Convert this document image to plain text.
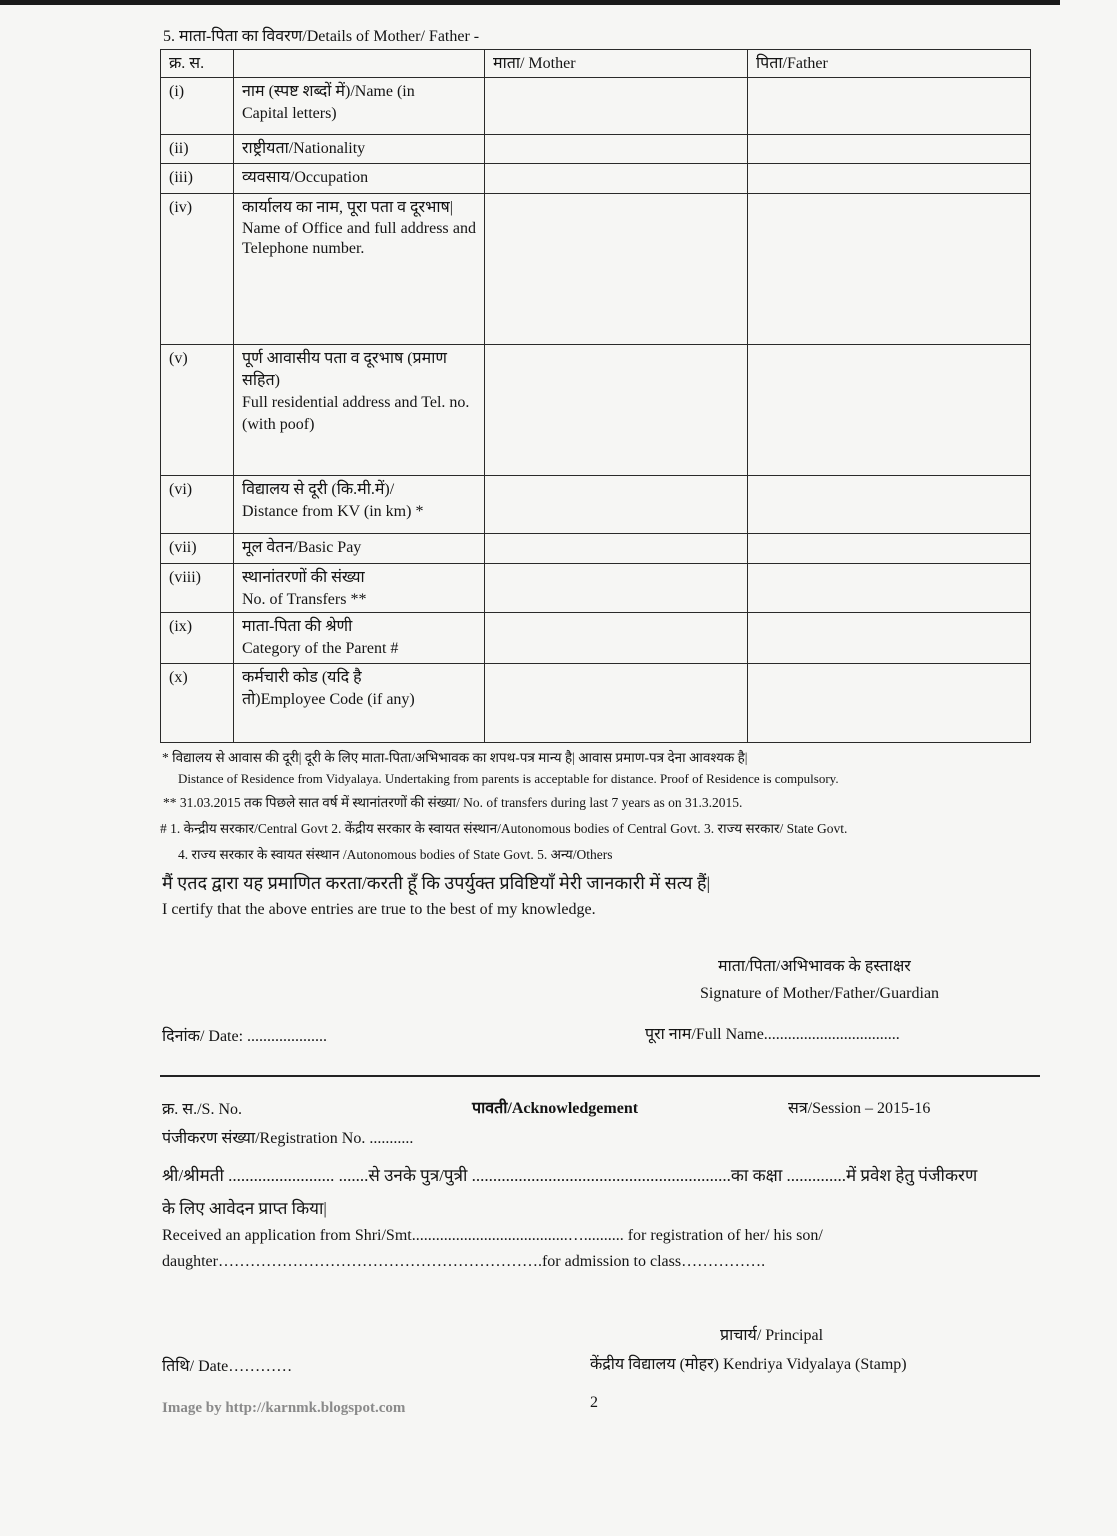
5. माता-पिता का विवरण/Details of Mother/ Father -
क्र. स.		माता/ Mother	पिता/Father
(i)	नाम (स्पष्ट शब्दों में)/Name (in
Capital letters)		

(ii)	राष्ट्रीयता/Nationality		
(iii)	व्यवसाय/Occupation		
(iv)	कार्यालय का नाम, पूरा पता व दूरभाष|
Name of Office and full address and Telephone number.		

(v)	पूर्ण आवासीय पता व दूरभाष (प्रमाण सहित)
Full residential address and Tel. no. (with poof)		

(vi)	विद्यालय से दूरी (कि.मी.में)/
Distance from KV (in km) *		

(vii)	मूल वेतन/Basic Pay		
(viii)	स्थानांतरणों की संख्या
No. of Transfers **		

(ix)	माता-पिता की श्रेणी
Category of the Parent #		

(x)	कर्मचारी कोड (यदि है
तो)Employee Code (if any)		

* विद्यालय से आवास की दूरी| दूरी के लिए माता-पिता/अभिभावक का शपथ-पत्र मान्य है| आवास प्रमाण-पत्र देना आवश्यक है|
Distance of Residence from Vidyalaya. Undertaking from parents is acceptable for distance. Proof of Residence is compulsory.
** 31.03.2015 तक पिछले सात वर्ष में स्थानांतरणों की संख्या/ No. of transfers during last 7 years as on 31.3.2015.
# 1. केन्द्रीय सरकार/Central Govt 2. केंद्रीय सरकार के स्वायत संस्थान/Autonomous bodies of Central Govt. 3. राज्य सरकार/ State Govt.
4. राज्य सरकार के स्वायत संस्थान /Autonomous bodies of State Govt. 5. अन्य/Others
मैं एतद द्वारा यह प्रमाणित करता/करती हूँ कि उपर्युक्त प्रविष्टियाँ मेरी जानकारी में सत्य हैं|
I certify that the above entries are true to the best of my knowledge.
माता/पिता/अभिभावक के हस्ताक्षर
Signature of Mother/Father/Guardian
दिनांक/ Date: ....................	पूरा नाम/Full Name..................................
क्र. स./S. No.	पावती/Acknowledgement	सत्र/Session – 2015-16
पंजीकरण संख्या/Registration No. ...........
श्री/श्रीमती ......................... .......से उनके पुत्र/पुत्री .............................................................का कक्षा ..............में प्रवेश हेतु पंजीकरण
के लिए आवेदन प्राप्त किया|
Received an application from Shri/Smt.......................................….......... for registration of her/ his son/
daughter…………………………………………………….for admission to class…………….
प्राचार्य/ Principal
तिथि/ Date…………	केंद्रीय विद्यालय (मोहर) Kendriya Vidyalaya (Stamp)
Image by http://karnmk.blogspot.com	2
